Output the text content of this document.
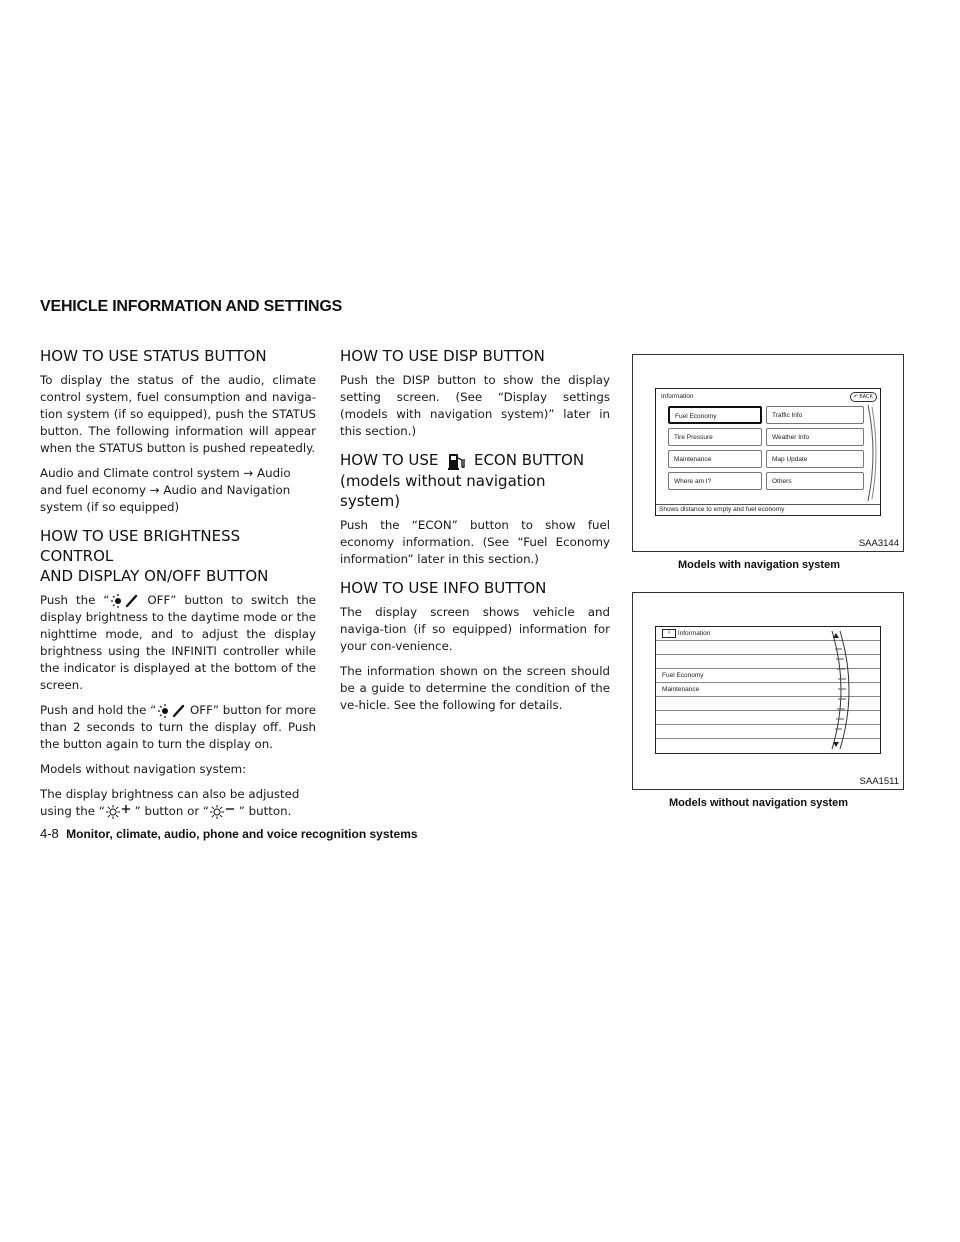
VEHICLE INFORMATION AND SETTINGS
HOW TO USE STATUS BUTTON

To display the status of the audio, climate control system, fuel consumption and naviga-tion system (if so equipped), push the STATUS button. The following information will appear when the STATUS button is pushed repeatedly.

Audio and Climate control system → Audio and fuel economy → Audio and Navigation system (if so equipped)

HOW TO USE BRIGHTNESS CONTROL
AND DISPLAY ON/OFF BUTTON

Push the “	OFF” button to switch the display brightness to the daytime mode or the nighttime mode, and to adjust the display brightness using the INFINITI controller while the indicator is displayed at the bottom of the screen.

Push and hold the “	OFF” button for more than 2 seconds to turn the display off. Push the button again to turn the display on.

Models without navigation system:

The display brightness can also be adjusted using the “ ” button or “ ” button.

HOW TO USE DISP BUTTON

Push the DISP button to show the display setting screen. (See “Display settings (models with navigation system)” later in this section.)

HOW TO USE ECON BUTTON
(models without navigation system)

Push the “ECON” button to show fuel economy information. (See “Fuel Economy information” later in this section.)

HOW TO USE INFO BUTTON

The display screen shows vehicle and naviga-tion (if so equipped) information for your con-venience.

The information shown on the screen should be a guide to determine the condition of the ve-hicle. See the following for details.

Information	↶ BACK
Fuel Economy	Traffic Info
Tire Pressure	Weather Info
Maintenance	Map Update
Where am I?	Others
Shows distance to empty and fuel economy
SAA3144
Models with navigation system
i Information
Fuel Economy
Maintenance
SAA1511
Models without navigation system
4-8 Monitor, climate, audio, phone and voice recognition systems
